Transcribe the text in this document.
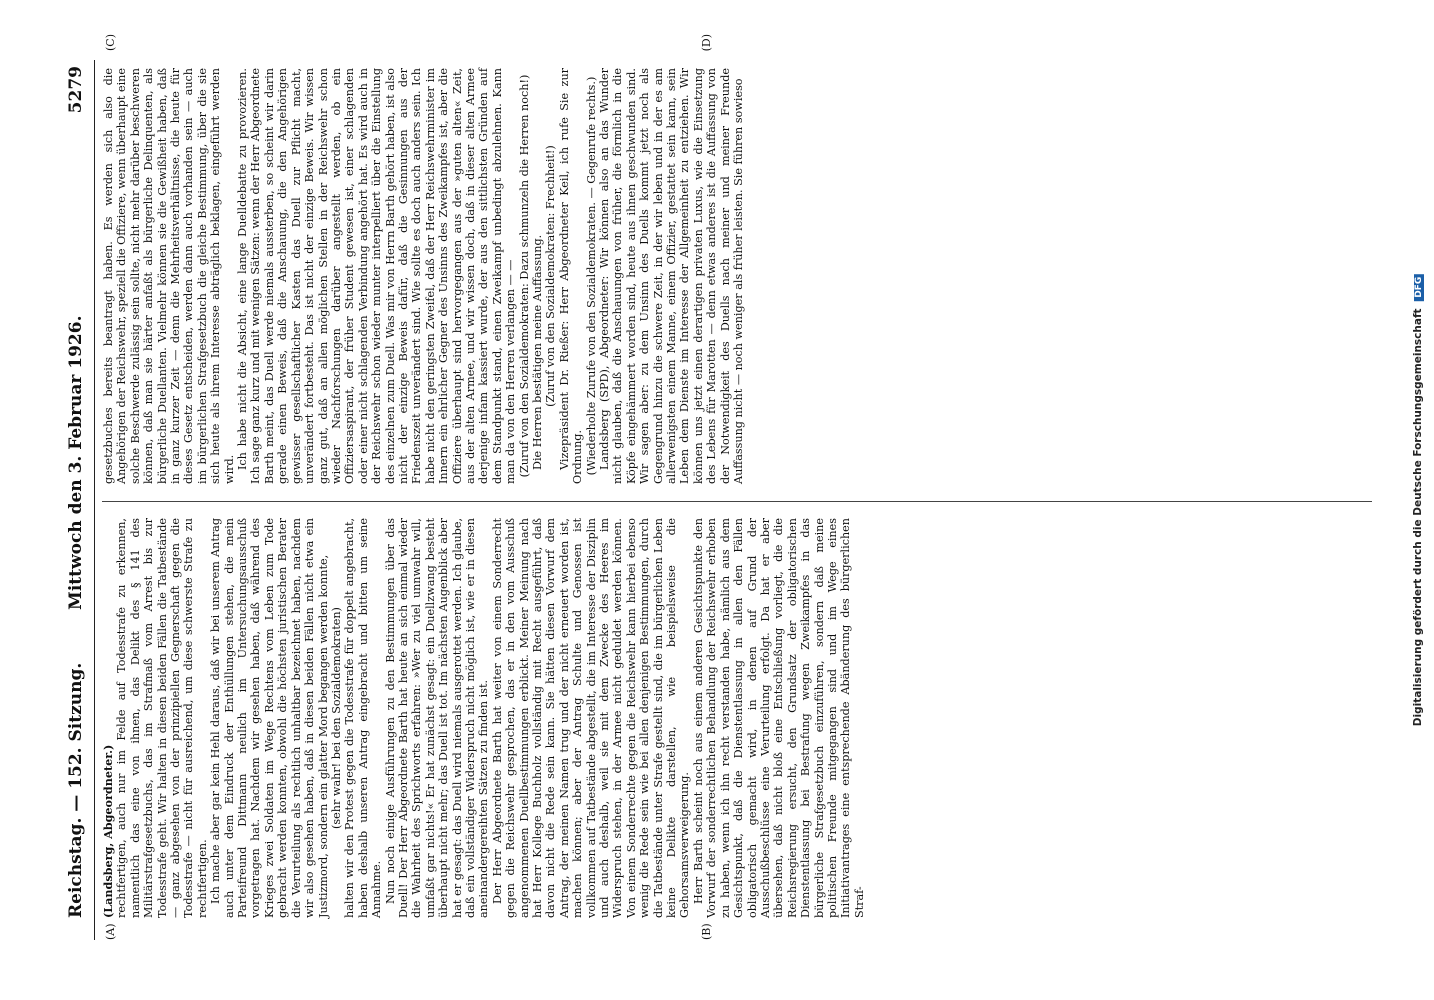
Reichstag. — 152. Sitzung.
Mittwoch den 3. Februar 1926.
5279
(A)	(B)
(C)	(D)

(Landsberg, Abgeordneter.) rechtfertigen, auch nur im Felde auf Todesstrafe zu erkennen, namentlich das eine von ihnen, das Delikt des § 141 des Militärstrafgesetzbuchs, das im Strafmaß vom Arrest bis zur Todesstrafe geht. Wir halten in diesen beiden Fällen die Tatbestände — ganz abgesehen von der prinzipiellen Gegnerschaft gegen die Todesstrafe — nicht für ausreichend, um diese schwerste Strafe zu rechtfertigen. Ich mache aber gar kein Hehl daraus, daß wir bei unserem Antrag auch unter dem Eindruck der Enthüllungen stehen, die mein Parteifreund Dittmann neulich im Untersuchungsausschuß vorgetragen hat. Nachdem wir gesehen haben, daß während des Krieges zwei Soldaten im Wege Rechtens vom Leben zum Tode gebracht werden konnten, obwohl die höchsten juristischen Berater die Verurteilung als rechtlich unhaltbar bezeichnet haben, nachdem wir also gesehen haben, daß in diesen beiden Fällen nicht etwa ein Justizmord, sondern ein glatter Mord begangen werden konnte, (sehr wahr! bei den Sozialdemokraten) halten wir den Protest gegen die Todesstrafe für doppelt angebracht, haben deshalb unseren Antrag eingebracht und bitten um seine Annahme. Nun noch einige Ausführungen zu den Bestimmungen über das Duell! Der Herr Abgeordnete Barth hat heute an sich einmal wieder die Wahrheit des Sprichworts erfahren: »Wer zu viel unnwahr will, umfaßt gar nichts!« Er hat zunächst gesagt: ein Duellzwang besteht überhaupt nicht mehr; das Duell ist tot. Im nächsten Augenblick aber hat er gesagt: das Duell wird niemals ausgerottet werden. Ich glaube, daß ein vollständiger Widerspruch nicht möglich ist, wie er in diesen aneinandergereihten Sätzen zu finden ist. Der Herr Abgeordnete Barth hat weiter von einem Sonderrecht gegen die Reichswehr gesprochen, das er in den vom Ausschuß angenommenen Duellbestimmungen erblickt. Meiner Meinung nach hat Herr Kollege Buchholz vollständig mit Recht ausgeführt, daß davon nicht die Rede sein kann. Sie hätten diesen Vorwurf dem Antrag, der meinen Namen trug und der nicht erneuert worden ist, machen können; aber der Antrag Schulte und Genossen ist vollkommen auf Tatbestände abgestellt, die im Interesse der Disziplin und auch deshalb, weil sie mit dem Zwecke des Heeres im Widerspruch stehen, in der Armee nicht geduldet werden können. Von einem Sonderrechte gegen die Reichswehr kann hierbei ebenso wenig die Rede sein wie bei allen denjenigen Bestimmungen, durch die Tatbestände unter Strafe gestellt sind, die im bürgerlichen Leben keine Delikte darstellen, wie beispielsweise die Gehorsamsverweigerung. Herr Barth scheint noch aus einem anderen Gesichtspunkte den Vorwurf der sonderrechtlichen Behandlung der Reichswehr erhoben zu haben, wenn ich ihn recht verstanden habe, nämlich aus dem Gesichtspunkt, daß die Dienstentlassung in allen den Fällen obligatorisch gemacht wird, in denen auf Grund der Ausschußbeschlüsse eine Verurteilung erfolgt. Da hat er aber übersehen, daß nicht bloß eine Entschließung vorliegt, die die Reichsregierung ersucht, den Grundsatz der obligatorischen Dienstentlassung bei Bestrafung wegen Zweikampfes in das bürgerliche Strafgesetzbuch einzuführen, sondern daß meine politischen Freunde mitgegangen sind und im Wege eines Initiativantrages eine entsprechende Abänderung des bürgerlichen Straf-

gesetzbuches bereits beantragt haben. Es werden sich also die Angehörigen der Reichswehr, speziell die Offiziere, wenn überhaupt eine solche Beschwerde zulässig sein sollte, nicht mehr darüber beschweren können, daß man sie härter anfaßt als bürgerliche Delinquenten, als bürgerliche Duellanten. Vielmehr können sie die Gewißheit haben, daß in ganz kurzer Zeit — denn die Mehrheitsverhältnisse, die heute für dieses Gesetz entscheiden, werden dann auch vorhanden sein — auch im bürgerlichen Strafgesetzbuch die gleiche Bestimmung, über die sie sich heute als ihrem Interesse abträglich beklagen, eingeführt werden wird. Ich habe nicht die Absicht, eine lange Duelldebatte zu provozieren. Ich sage ganz kurz und mit wenigen Sätzen: wenn der Herr Abgeordnete Barth meint, das Duell werde niemals aussterben, so scheint wir darin gerade einen Beweis, daß die Anschauung, die den Angehörigen gewisser gesellschaftlicher Kasten das Duell zur Pflicht macht, unverändert fortbesteht. Das ist nicht der einzige Beweis. Wir wissen ganz gut, daß an allen möglichen Stellen in der Reichswehr schon wieder Nachforschungen darüber angestellt werden, ob ein Offiziersaspirant, der früher Student gewesen ist, einer schlagenden oder einer nicht schlagenden Verbindung angehört hat. Es wird auch in der Reichswehr schon wieder munter interpelliert über die Einstellung des einzelnen zum Duell. Was mir von Herrn Barth gehört haben, ist also nicht der einzige Beweis dafür, daß die Gesinnungen aus der Friedenszeit unverändert sind. Wie sollte es doch auch anders sein. Ich habe nicht den geringsten Zweifel, daß der Herr Reichswehrminister im Innern ein ehrlicher Gegner des Unsinns des Zweikampfes ist, aber die Offiziere überhaupt sind hervorgegangen aus der »guten alten« Zeit, aus der alten Armee, und wir wissen doch, daß in dieser alten Armee derjenige infam kassiert wurde, der aus den sittlichsten Gründen auf dem Standpunkt stand, einen Zweikampf unbedingt abzulehnen. Kann man da von den Herren verlangen — — (Zuruf von den Sozialdemokraten: Dazu schmunzeln die Herren noch!) Die Herren bestätigen meine Auffassung. (Zuruf von den Sozialdemokraten: Frechheit!) Vizepräsident Dr. Rießer: Herr Abgeordneter Keil, ich rufe Sie zur Ordnung. (Wiederholte Zurufe von den Sozialdemokraten. — Gegenrufe rechts.) Landsberg (SPD), Abgeordneter: Wir können also an das Wunder nicht glauben, daß die Anschauungen von früher, die förmlich in die Köpfe eingehämmert worden sind, heute aus ihnen geschwunden sind. Wir sagen aber: zu dem Unsinn des Duells kommt jetzt noch als Gegengrund hinzu die schwere Zeit, in der wir leben und in der es am allerwenigsten einem Manne, einem Offizier, gestattet sein kann, sein Leben dem Dienste im Interesse der Allgemeinheit zu entziehen. Wir können uns jetzt einen derartigen privaten Luxus, wie die Einsetzung des Lebens für Marotten — denn etwas anderes ist die Auffassung von der Notwendigkeit des Duells nach meiner und meiner Freunde Auffassung nicht — noch weniger als früher leisten. Sie führen sowieso

Digitalisierung gefördert durch die Deutsche Forschungsgemeinschaft DFG
